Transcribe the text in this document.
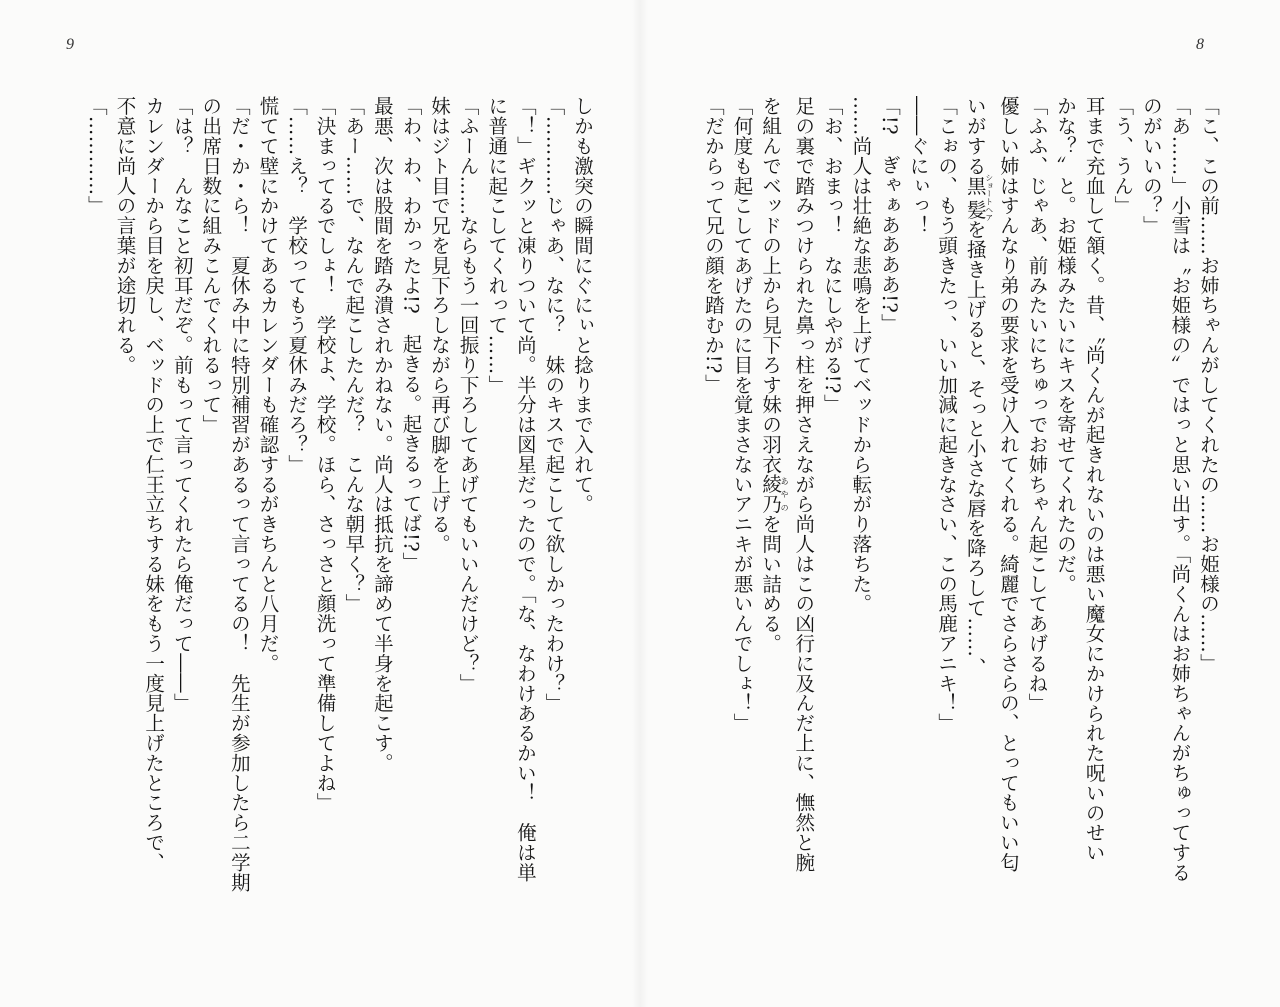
9
しかも激突の瞬間にぐにぃと捻りまで入れて。
「…………じゃあ、なに？　妹のキスで起こして欲しかったわけ？」
「！」ギクッと凍りついて尚。半分は図星だったので。「な、なわけあるかい！　俺は単
に普通に起こしてくれって……」
「ふーん……ならもう一回振り下ろしてあげてもいいんだけど？」
妹はジト目で兄を見下ろしながら再び脚を上げる。
「わ、わ、わかったよ!?　起きる。起きるってば!?」
最悪、次は股間を踏み潰されかねない。尚人は抵抗を諦めて半身を起こす。
「あー……で、なんで起こしたんだ？　こんな朝早く？」
「決まってるでしょ！　学校よ、学校。ほら、さっさと顔洗って準備してよね」
「……え？　学校ってもう夏休みだろ？」
慌てて壁にかけてあるカレンダーも確認するがきちんと八月だ。
「だ・か・ら！　夏休み中に特別補習があるって言ってるの！　先生が参加したら二学期
の出席日数に組みこんでくれるって」
「は？　んなこと初耳だぞ。前もって言ってくれたら俺だって――」
カレンダーから目を戻し、ベッドの上で仁王立ちする妹をもう一度見上げたところで、
不意に尚人の言葉が途切れる。
「…………」
8
「こ、この前……お姉ちゃんがしてくれたの……お姫様の……」
「あ……」小雪は〝お姫様の〟ではっと思い出す。「尚くんはお姉ちゃんがちゅってする
のがいいの？」
「う、うん」
耳まで充血して頷く。昔、〝尚くんが起きれないのは悪い魔女にかけられた呪いのせい
かな？〟と。お姫様みたいにキスを寄せてくれたのだ。
「ふふ、じゃあ、前みたいにちゅっでお姉ちゃん起こしてあげるね」
優しい姉はすんなり弟の要求を受け入れてくれる。綺麗でさらさらの、とってもいい匂
いがする黒髪ショートヘアを掻き上げると、そっと小さな唇を降ろして……、
「こぉの、もう頭きたっ、いい加減に起きなさい、この馬鹿アニキ！」
――ぐにぃっ！
「!?　ぎゃぁああああ!?」
……尚人は壮絶な悲鳴を上げてベッドから転がり落ちた。
「お、おまっ！　なにしやがる!?」
足の裏で踏みつけられた鼻っ柱を押さえながら尚人はこの凶行に及んだ上に、憮然と腕
を組んでベッドの上から見下ろす妹の羽衣綾乃あやのを問い詰める。
「何度も起こしてあげたのに目を覚まさないアニキが悪いんでしょ！」
「だからって兄の顔を踏むか!?」
